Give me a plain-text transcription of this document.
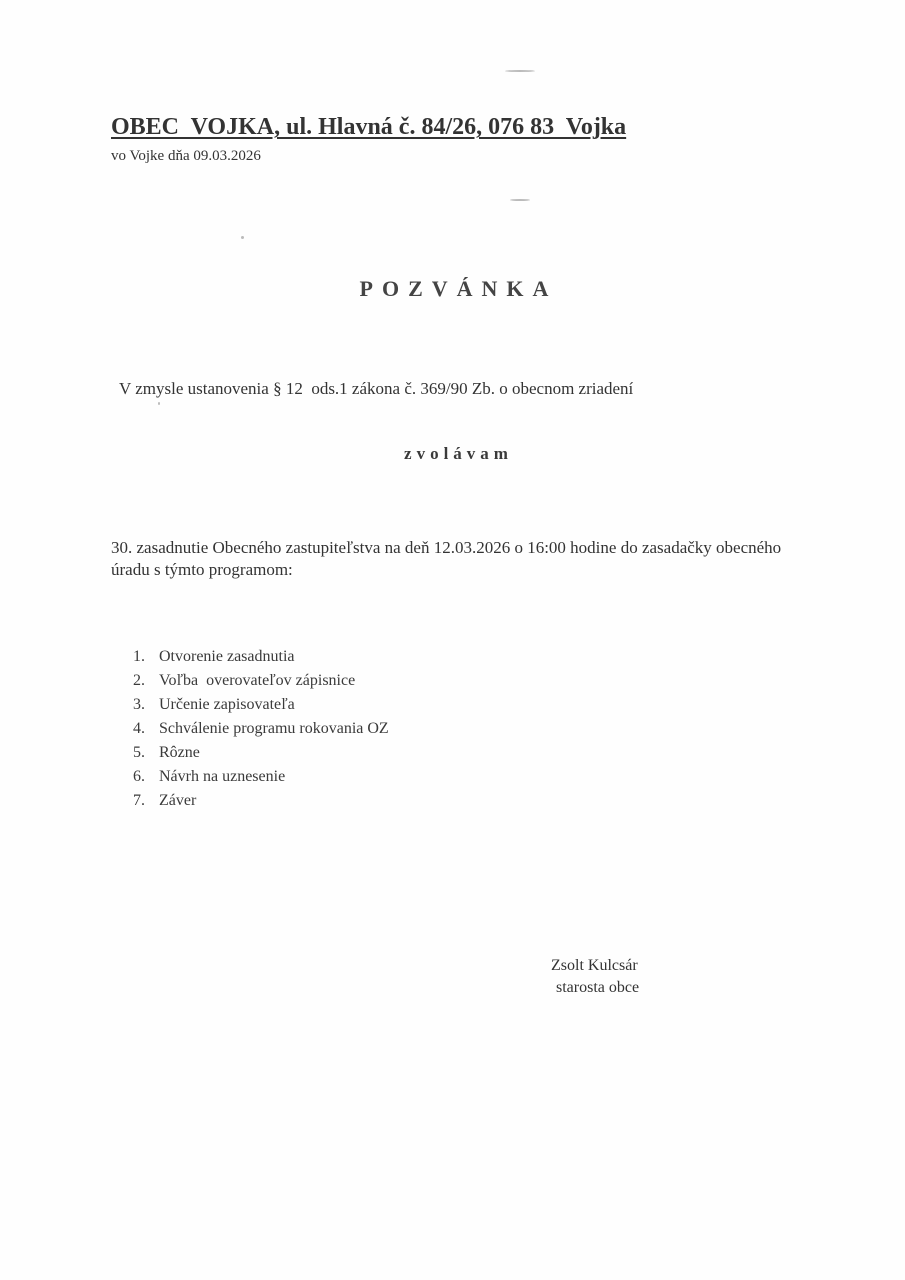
OBEC  VOJKA, ul. Hlavná č. 84/26, 076 83  Vojka
vo Vojke dňa 09.03.2026
POZVÁNKA
V zmysle ustanovenia § 12  ods.1 zákona č. 369/90 Zb. o obecnom zriadení
zvolávam
30. zasadnutie Obecného zastupiteľstva na deň 12.03.2026 o 16:00 hodine do zasadačky obecného úradu s týmto programom:
1. Otvorenie zasadnutia
2. Voľba  overovateľov zápisnice
3. Určenie zapisovateľa
4. Schválenie programu rokovania OZ
5. Rôzne
6. Návrh na uznesenie
7. Záver
Zsolt Kulcsár
starosta obce
